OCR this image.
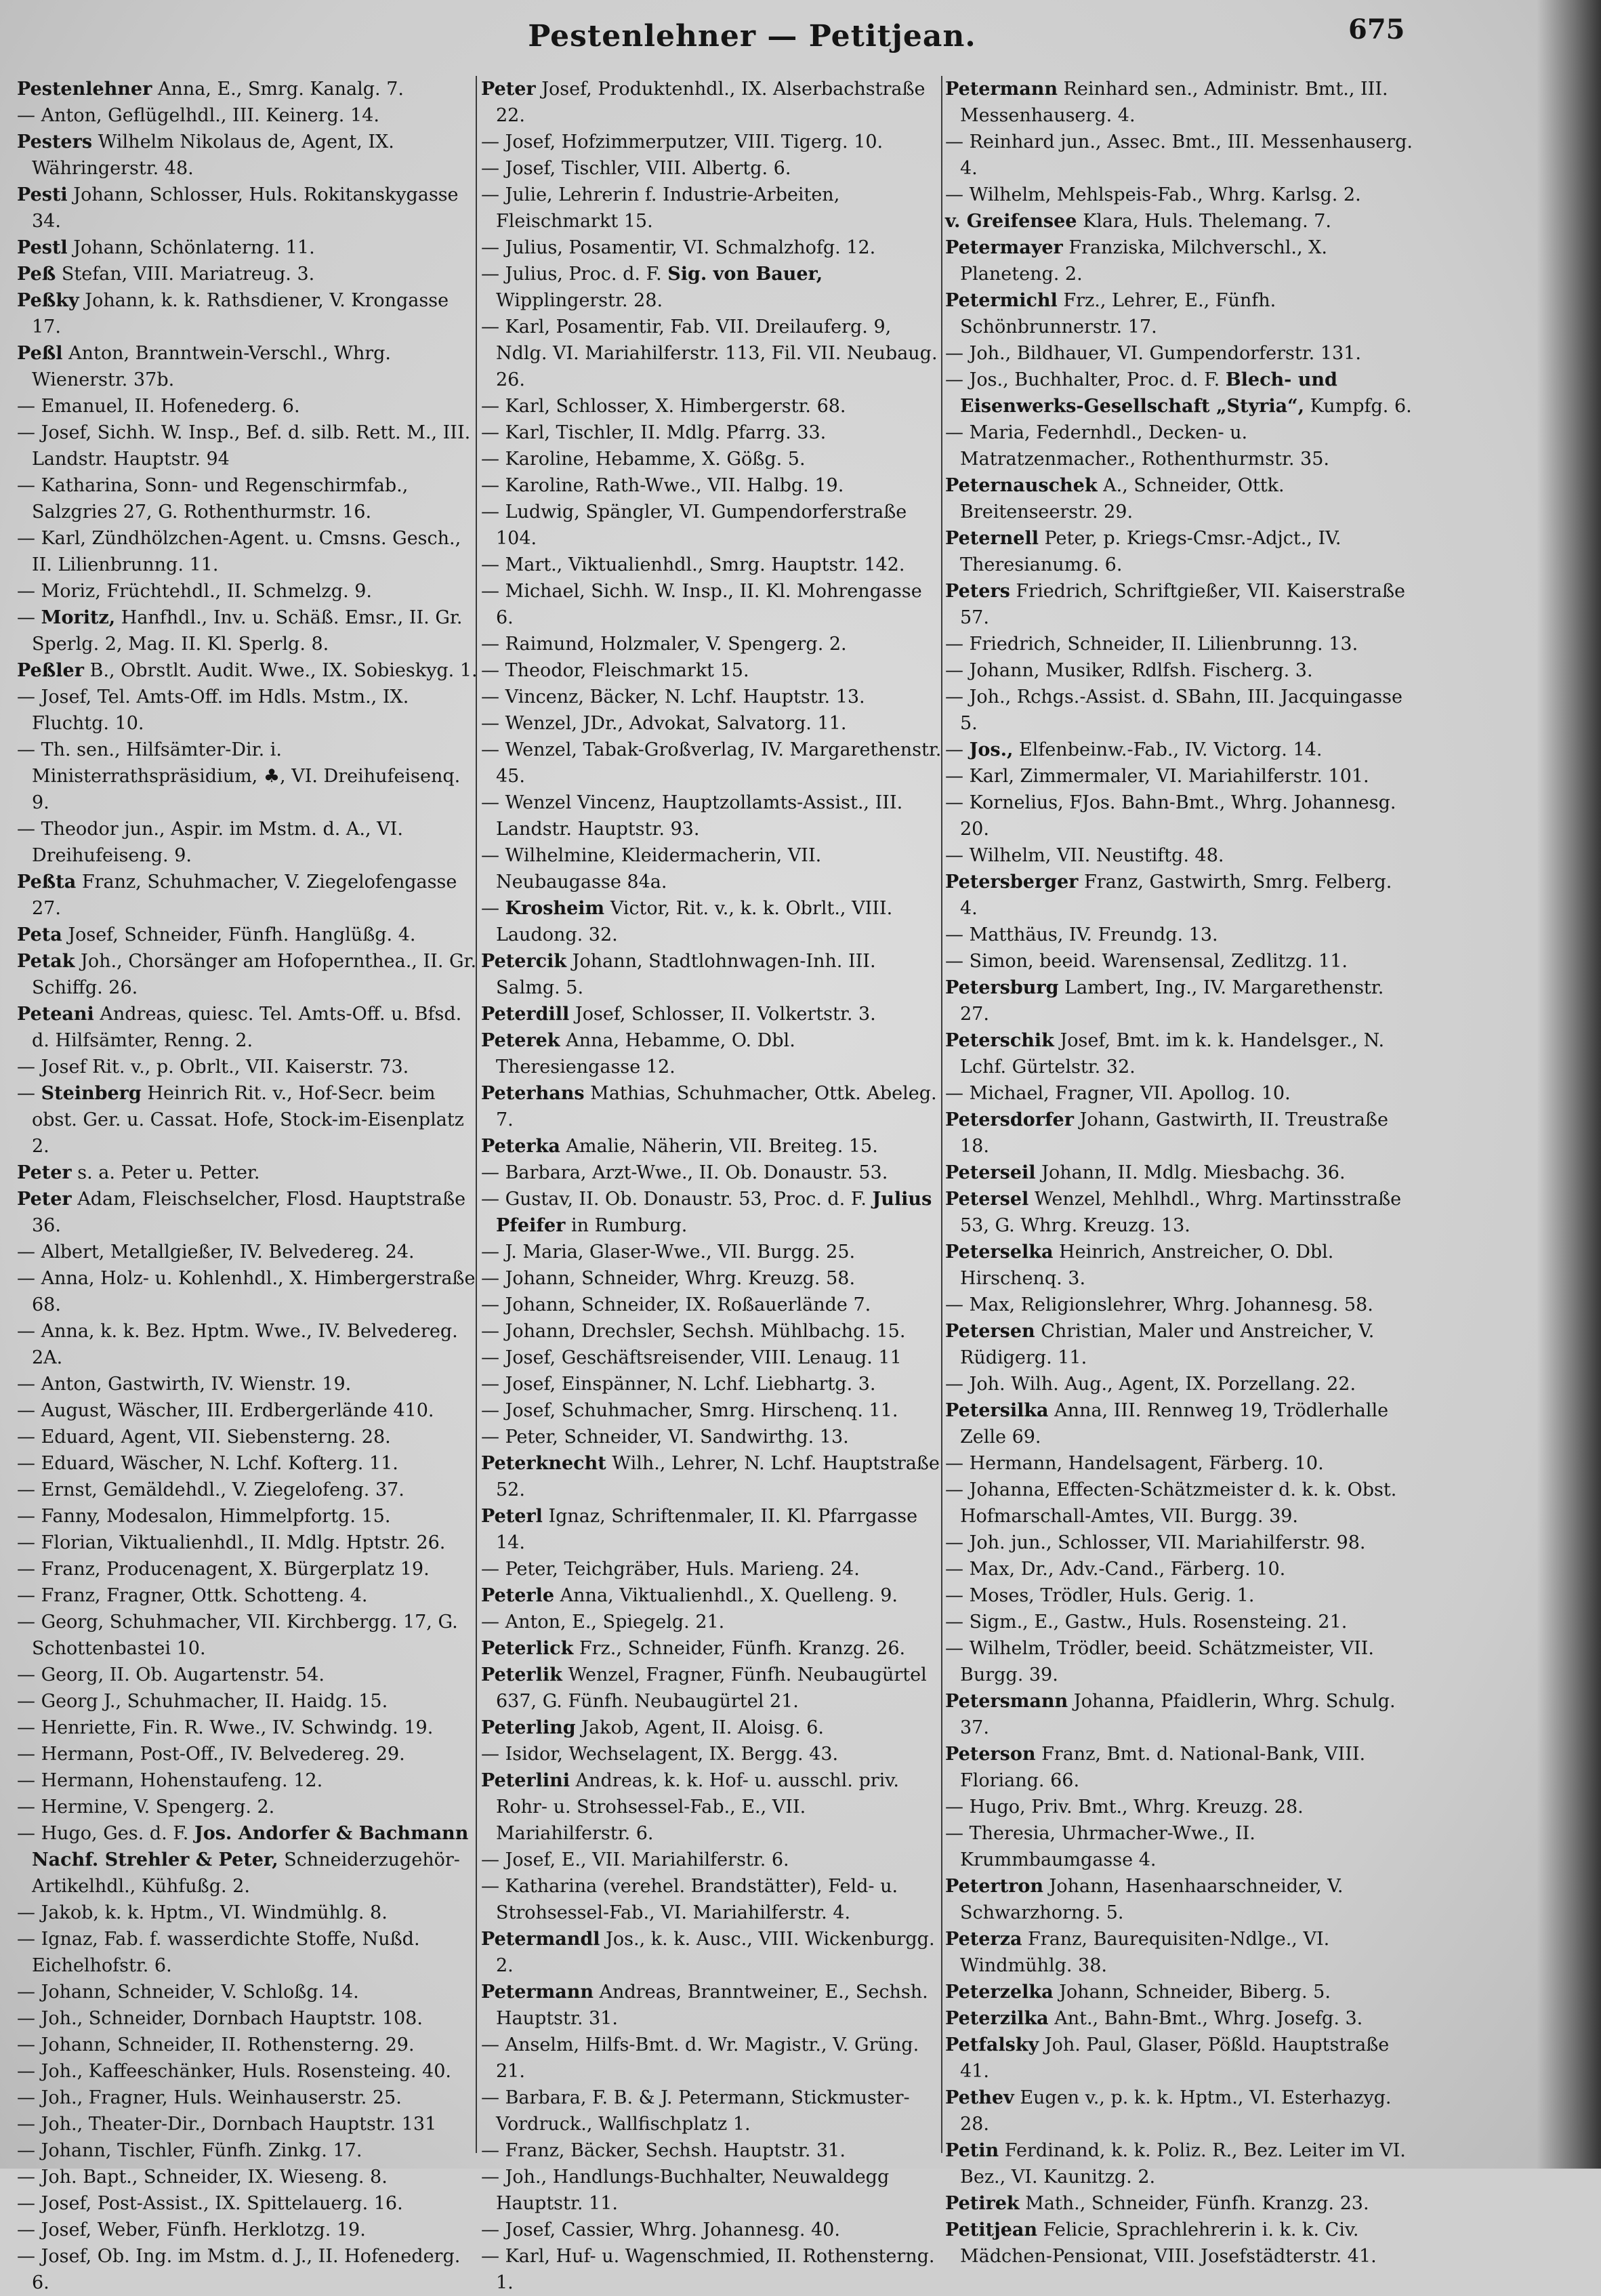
Pestenlehner — Petitjean.	675

Pestenlehner Anna, E., Smrg. Kanalg. 7.

— Anton, Geflügelhdl., III. Keinerg. 14.

Pesters Wilhelm Nikolaus de, Agent, IX. Währingerstr. 48.

Pesti Johann, Schlosser, Huls. Rokitanskygasse 34.

Pestl Johann, Schönlaterng. 11.

Peß Stefan, VIII. Mariatreug. 3.

Peßky Johann, k. k. Rathsdiener, V. Krongasse 17.

Peßl Anton, Branntwein-Verschl., Whrg. Wienerstr. 37b.

— Emanuel, II. Hofenederg. 6.

— Josef, Sichh. W. Insp., Bef. d. silb. Rett. M., III. Landstr. Hauptstr. 94

— Katharina, Sonn- und Regenschirmfab., Salzgries 27, G. Rothenthurmstr. 16.

— Karl, Zündhölzchen-Agent. u. Cmsns. Gesch., II. Lilienbrunng. 11.

— Moriz, Früchtehdl., II. Schmelzg. 9.

— Moritz, Hanfhdl., Inv. u. Schäß. Emsr., II. Gr. Sperlg. 2, Mag. II. Kl. Sperlg. 8.

Peßler B., Obrstlt. Audit. Wwe., IX. Sobieskyg. 1.

— Josef, Tel. Amts-Off. im Hdls. Mstm., IX. Fluchtg. 10.

— Th. sen., Hilfsämter-Dir. i. Ministerrathspräsidium, ♣, VI. Dreihufeisenq. 9.

— Theodor jun., Aspir. im Mstm. d. A., VI. Dreihufeiseng. 9.

Peßta Franz, Schuhmacher, V. Ziegelofengasse 27.

Peta Josef, Schneider, Fünfh. Hanglüßg. 4.

Petak Joh., Chorsänger am Hofopernthea., II. Gr. Schiffg. 26.

Peteani Andreas, quiesc. Tel. Amts-Off. u. Bfsd. d. Hilfsämter, Renng. 2.

— Josef Rit. v., p. Obrlt., VII. Kaiserstr. 73.

— Steinberg Heinrich Rit. v., Hof-Secr. beim obst. Ger. u. Cassat. Hofe, Stock-im-Eisenplatz 2.

Peter s. a. Peter u. Petter.

Peter Adam, Fleischselcher, Flosd. Hauptstraße 36.

— Albert, Metallgießer, IV. Belvedereg. 24.

— Anna, Holz- u. Kohlenhdl., X. Himbergerstraße 68.

— Anna, k. k. Bez. Hptm. Wwe., IV. Belvedereg. 2A.

— Anton, Gastwirth, IV. Wienstr. 19.

— August, Wäscher, III. Erdbergerlände 410.

— Eduard, Agent, VII. Siebensterng. 28.

— Eduard, Wäscher, N. Lchf. Kofterg. 11.

— Ernst, Gemäldehdl., V. Ziegelofeng. 37.

— Fanny, Modesalon, Himmelpfortg. 15.

— Florian, Viktualienhdl., II. Mdlg. Hptstr. 26.

— Franz, Producenagent, X. Bürgerplatz 19.

— Franz, Fragner, Ottk. Schotteng. 4.

— Georg, Schuhmacher, VII. Kirchbergg. 17, G. Schottenbastei 10.

— Georg, II. Ob. Augartenstr. 54.

— Georg J., Schuhmacher, II. Haidg. 15.

— Henriette, Fin. R. Wwe., IV. Schwindg. 19.

— Hermann, Post-Off., IV. Belvedereg. 29.

— Hermann, Hohenstaufeng. 12.

— Hermine, V. Spengerg. 2.

— Hugo, Ges. d. F. Jos. Andorfer & Bachmann Nachf. Strehler & Peter, Schneiderzugehör-Artikelhdl., Kühfußg. 2.

— Jakob, k. k. Hptm., VI. Windmühlg. 8.

— Ignaz, Fab. f. wasserdichte Stoffe, Nußd. Eichelhofstr. 6.

— Johann, Schneider, V. Schloßg. 14.

— Joh., Schneider, Dornbach Hauptstr. 108.

— Johann, Schneider, II. Rothensterng. 29.

— Joh., Kaffeeschänker, Huls. Rosensteing. 40.

— Joh., Fragner, Huls. Weinhauserstr. 25.

— Joh., Theater-Dir., Dornbach Hauptstr. 131

— Johann, Tischler, Fünfh. Zinkg. 17.

— Joh. Bapt., Schneider, IX. Wieseng. 8.

— Josef, Post-Assist., IX. Spittelauerg. 16.

— Josef, Weber, Fünfh. Herklotzg. 19.

— Josef, Ob. Ing. im Mstm. d. J., II. Hofenederg. 6.

Peter Josef, Produktenhdl., IX. Alserbachstraße 22.

— Josef, Hofzimmerputzer, VIII. Tigerg. 10.

— Josef, Tischler, VIII. Albertg. 6.

— Julie, Lehrerin f. Industrie-Arbeiten, Fleischmarkt 15.

— Julius, Posamentir, VI. Schmalzhofg. 12.

— Julius, Proc. d. F. Sig. von Bauer, Wipplingerstr. 28.

— Karl, Posamentir, Fab. VII. Dreilauferg. 9, Ndlg. VI. Mariahilferstr. 113, Fil. VII. Neubaug. 26.

— Karl, Schlosser, X. Himbergerstr. 68.

— Karl, Tischler, II. Mdlg. Pfarrg. 33.

— Karoline, Hebamme, X. Gößg. 5.

— Karoline, Rath-Wwe., VII. Halbg. 19.

— Ludwig, Spängler, VI. Gumpendorferstraße 104.

— Mart., Viktualienhdl., Smrg. Hauptstr. 142.

— Michael, Sichh. W. Insp., II. Kl. Mohrengasse 6.

— Raimund, Holzmaler, V. Spengerg. 2.

— Theodor, Fleischmarkt 15.

— Vincenz, Bäcker, N. Lchf. Hauptstr. 13.

— Wenzel, JDr., Advokat, Salvatorg. 11.

— Wenzel, Tabak-Großverlag, IV. Margarethenstr. 45.

— Wenzel Vincenz, Hauptzollamts-Assist., III. Landstr. Hauptstr. 93.

— Wilhelmine, Kleidermacherin, VII. Neubaugasse 84a.

— Krosheim Victor, Rit. v., k. k. Obrlt., VIII. Laudong. 32.

Petercik Johann, Stadtlohnwagen-Inh. III. Salmg. 5.

Peterdill Josef, Schlosser, II. Volkertstr. 3.

Peterek Anna, Hebamme, O. Dbl. Theresiengasse 12.

Peterhans Mathias, Schuhmacher, Ottk. Abeleg. 7.

Peterka Amalie, Näherin, VII. Breiteg. 15.

— Barbara, Arzt-Wwe., II. Ob. Donaustr. 53.

— Gustav, II. Ob. Donaustr. 53, Proc. d. F. Julius Pfeifer in Rumburg.

— J. Maria, Glaser-Wwe., VII. Burgg. 25.

— Johann, Schneider, Whrg. Kreuzg. 58.

— Johann, Schneider, IX. Roßauerlände 7.

— Johann, Drechsler, Sechsh. Mühlbachg. 15.

— Josef, Geschäftsreisender, VIII. Lenaug. 11

— Josef, Einspänner, N. Lchf. Liebhartg. 3.

— Josef, Schuhmacher, Smrg. Hirschenq. 11.

— Peter, Schneider, VI. Sandwirthg. 13.

Peterknecht Wilh., Lehrer, N. Lchf. Hauptstraße 52.

Peterl Ignaz, Schriftenmaler, II. Kl. Pfarrgasse 14.

— Peter, Teichgräber, Huls. Marieng. 24.

Peterle Anna, Viktualienhdl., X. Quelleng. 9.

— Anton, E., Spiegelg. 21.

Peterlick Frz., Schneider, Fünfh. Kranzg. 26.

Peterlik Wenzel, Fragner, Fünfh. Neubaugürtel 637, G. Fünfh. Neubaugürtel 21.

Peterling Jakob, Agent, II. Aloisg. 6.

— Isidor, Wechselagent, IX. Bergg. 43.

Peterlini Andreas, k. k. Hof- u. ausschl. priv. Rohr- u. Strohsessel-Fab., E., VII. Mariahilferstr. 6.

— Josef, E., VII. Mariahilferstr. 6.

— Katharina (verehel. Brandstätter), Feld- u. Strohsessel-Fab., VI. Mariahilferstr. 4.

Petermandl Jos., k. k. Ausc., VIII. Wickenburgg. 2.

Petermann Andreas, Branntweiner, E., Sechsh. Hauptstr. 31.

— Anselm, Hilfs-Bmt. d. Wr. Magistr., V. Grüng. 21.

— Barbara, F. B. & J. Petermann, Stickmuster-Vordruck., Wallfischplatz 1.

— Franz, Bäcker, Sechsh. Hauptstr. 31.

— Joh., Handlungs-Buchhalter, Neuwaldegg Hauptstr. 11.

— Josef, Cassier, Whrg. Johannesg. 40.

— Karl, Huf- u. Wagenschmied, II. Rothensterng. 1.

Petermann Reinhard sen., Administr. Bmt., III. Messenhauserg. 4.

— Reinhard jun., Assec. Bmt., III. Messenhauserg. 4.

— Wilhelm, Mehlspeis-Fab., Whrg. Karlsg. 2.

v. Greifensee Klara, Huls. Thelemang. 7.

Petermayer Franziska, Milchverschl., X. Planeteng. 2.

Petermichl Frz., Lehrer, E., Fünfh. Schönbrunnerstr. 17.

— Joh., Bildhauer, VI. Gumpendorferstr. 131.

— Jos., Buchhalter, Proc. d. F. Blech- und Eisenwerks-Gesellschaft „Styria“, Kumpfg. 6.

— Maria, Federnhdl., Decken- u. Matratzenmacher., Rothenthurmstr. 35.

Peternauschek A., Schneider, Ottk. Breitenseerstr. 29.

Peternell Peter, p. Kriegs-Cmsr.-Adjct., IV. Theresianumg. 6.

Peters Friedrich, Schriftgießer, VII. Kaiserstraße 57.

— Friedrich, Schneider, II. Lilienbrunng. 13.

— Johann, Musiker, Rdlfsh. Fischerg. 3.

— Joh., Rchgs.-Assist. d. SBahn, III. Jacquingasse 5.

— Jos., Elfenbeinw.-Fab., IV. Victorg. 14.

— Karl, Zimmermaler, VI. Mariahilferstr. 101.

— Kornelius, FJos. Bahn-Bmt., Whrg. Johannesg. 20.

— Wilhelm, VII. Neustiftg. 48.

Petersberger Franz, Gastwirth, Smrg. Felberg. 4.

— Matthäus, IV. Freundg. 13.

— Simon, beeid. Warensensal, Zedlitzg. 11.

Petersburg Lambert, Ing., IV. Margarethenstr. 27.

Peterschik Josef, Bmt. im k. k. Handelsger., N. Lchf. Gürtelstr. 32.

— Michael, Fragner, VII. Apollog. 10.

Petersdorfer Johann, Gastwirth, II. Treustraße 18.

Peterseil Johann, II. Mdlg. Miesbachg. 36.

Petersel Wenzel, Mehlhdl., Whrg. Martinsstraße 53, G. Whrg. Kreuzg. 13.

Peterselka Heinrich, Anstreicher, O. Dbl. Hirschenq. 3.

— Max, Religionslehrer, Whrg. Johannesg. 58.

Petersen Christian, Maler und Anstreicher, V. Rüdigerg. 11.

— Joh. Wilh. Aug., Agent, IX. Porzellang. 22.

Petersilka Anna, III. Rennweg 19, Trödlerhalle Zelle 69.

— Hermann, Handelsagent, Färberg. 10.

— Johanna, Effecten-Schätzmeister d. k. k. Obst. Hofmarschall-Amtes, VII. Burgg. 39.

— Joh. jun., Schlosser, VII. Mariahilferstr. 98.

— Max, Dr., Adv.-Cand., Färberg. 10.

— Moses, Trödler, Huls. Gerig. 1.

— Sigm., E., Gastw., Huls. Rosensteing. 21.

— Wilhelm, Trödler, beeid. Schätzmeister, VII. Burgg. 39.

Petersmann Johanna, Pfaidlerin, Whrg. Schulg. 37.

Peterson Franz, Bmt. d. National-Bank, VIII. Floriang. 66.

— Hugo, Priv. Bmt., Whrg. Kreuzg. 28.

— Theresia, Uhrmacher-Wwe., II. Krummbaumgasse 4.

Petertron Johann, Hasenhaarschneider, V. Schwarzhorng. 5.

Peterza Franz, Baurequisiten-Ndlge., VI. Windmühlg. 38.

Peterzelka Johann, Schneider, Biberg. 5.

Peterzilka Ant., Bahn-Bmt., Whrg. Josefg. 3.

Petfalsky Joh. Paul, Glaser, Pößld. Hauptstraße 41.

Pethev Eugen v., p. k. k. Hptm., VI. Esterhazyg. 28.

Petin Ferdinand, k. k. Poliz. R., Bez. Leiter im VI. Bez., VI. Kaunitzg. 2.

Petirek Math., Schneider, Fünfh. Kranzg. 23.

Petitjean Felicie, Sprachlehrerin i. k. k. Civ. Mädchen-Pensionat, VIII. Josefstädterstr. 41.
